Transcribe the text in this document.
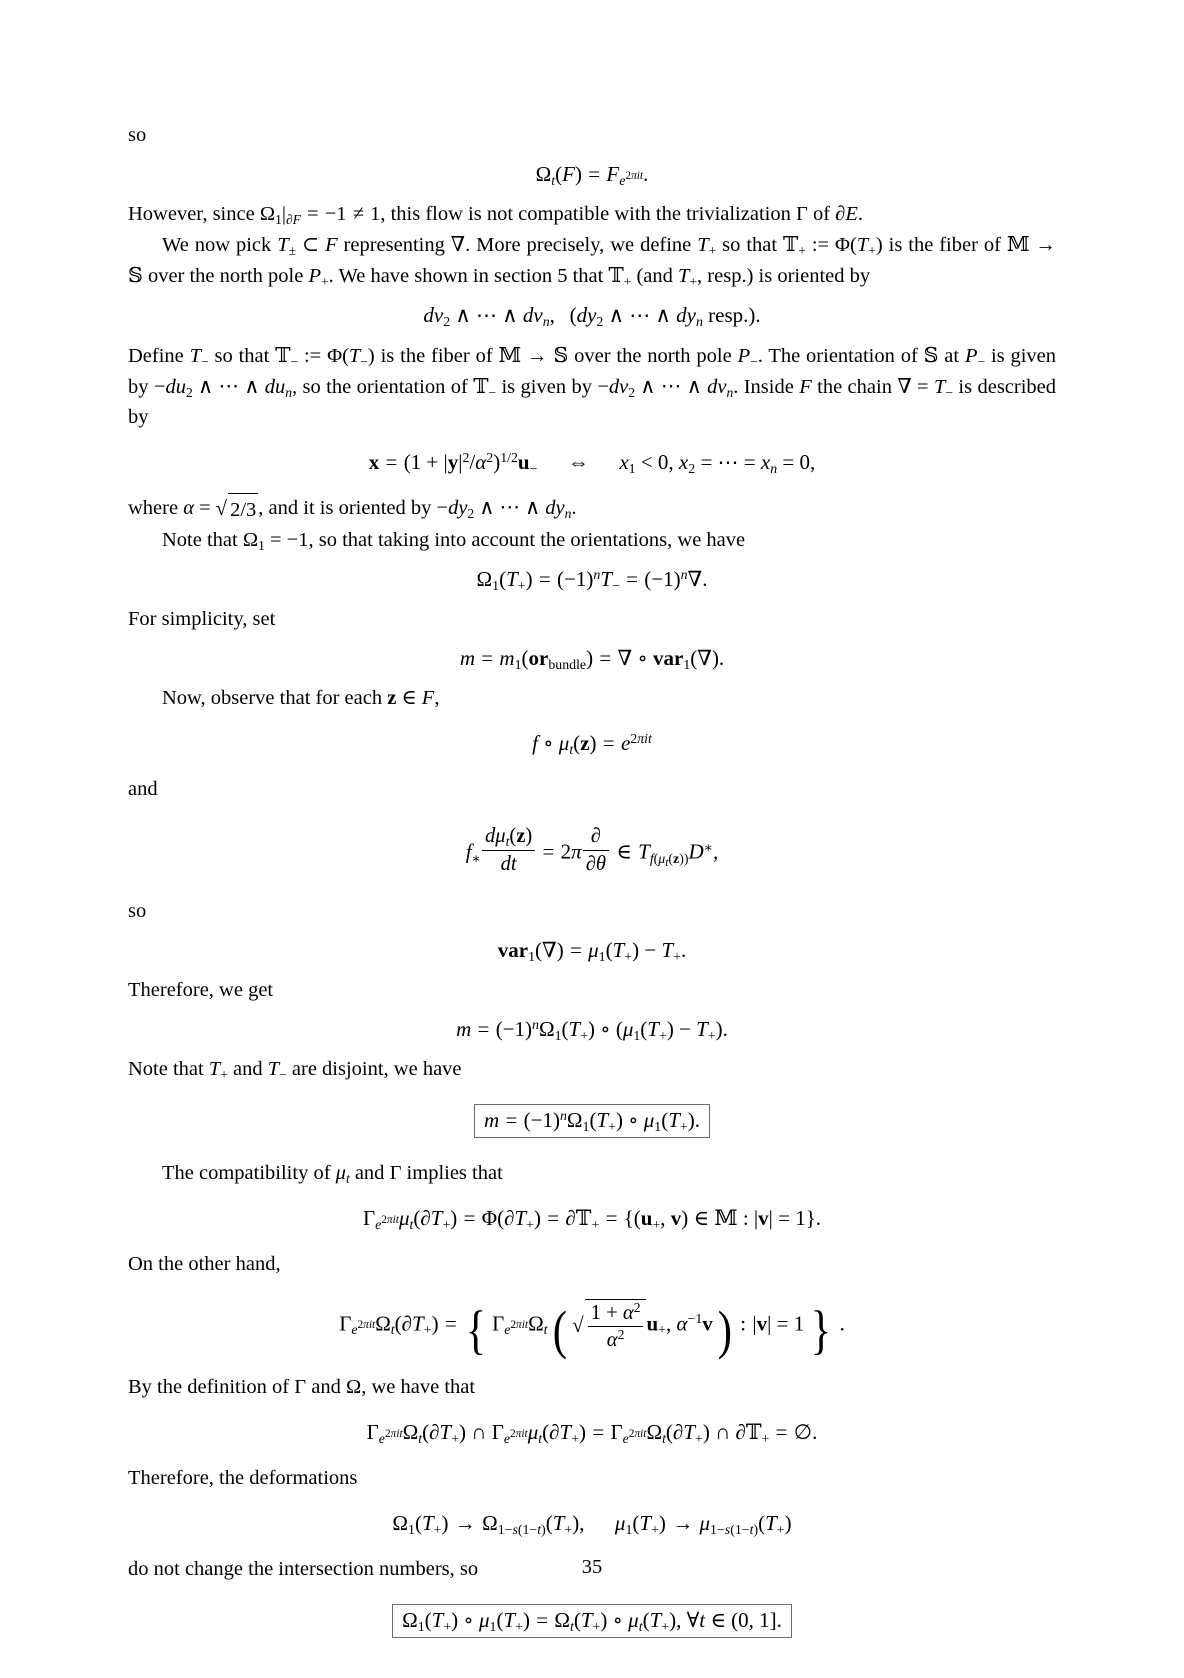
so

$\Omega_t(F) = F_{e^{2\pi it}}$.

However, since $\Omega_1|_{\partial F} = -1 \ne 1$, this flow is not compatible with the trivialization Γ of ∂E.

We now pick $T_\pm$ ⊂ F representing ∇. More precisely, we define $T_+$ so that 𝕋$_+$ := $\Phi(T_+)$ is the fiber of 𝕄 → 𝕊 over the north pole $P_+$. We have shown in section 5 that 𝕋$_+$ (and $T_+$, resp.) is oriented by

$dv_2$ ∧ ⋯ ∧ $dv_n$, ($dy_2$ ∧ ⋯ ∧ $dy_n$ resp.).

Define $T_-$ so that 𝕋$_-$ := $\Phi(T_-)$ is the fiber of 𝕄 → 𝕊 over the north pole $P_-$. The orientation of 𝕊 at $P_-$ is given by $-du_2$ ∧ ⋯ ∧ $du_n$, so the orientation of 𝕋$_-$ is given by $-dv_2$ ∧ ⋯ ∧ $dv_n$. Inside F the chain ∇ = $T_-$ is described by

$x = (1 + |y|^2/\alpha^2)^{1/2}u_-$ ⇔ $x_1 < 0$, $x_2$ = ⋯ = $x_n = 0$,

where α = √ 2/3, and it is oriented by $-dy_2$ ∧ ⋯ ∧ $dy_n$.

Note that $\Omega_1 = -1$, so that taking into account the orientations, we have

$\Omega_1(T_+) = (-1)^nT_- = (-1)^n\nabla$.

For simplicity, set

$m = m_1(or_{bundle})$ = ∇ ∘ var$_1$(∇).

Now, observe that for each z ∈ F,

f ∘ $\mu_t(z) = e^{2\pi it}$

and

$f_∗ \frac{d\mu_t(z)}{dt} = 2\pi \frac{\partial}{\partial\theta}$ ∈ $T_{f(\mu_t(z))}D^∗$,

so

$var_1(\nabla) = \mu_1(T_+) - T_+$.

Therefore, we get

$m = (-1)^n\Omega_1(T_+)$ ∘ $(\mu_1(T_+) - T_+)$.

Note that $T_+$ and $T_-$ are disjoint, we have

$m = (-1)^n\Omega_1(T_+)$ ∘ $\mu_1(T_+)$.

The compatibility of $\mu_t$ and Γ implies that

$\Gamma_{e^{2\pi it}}\mu_t(\partial T_+) = \Phi(\partial T_+)$ = ∂𝕋$_+$ = {($u_+$, v) ∈ 𝕄 : |v| = 1}.

On the other hand,

$\Gamma_{e^{2\pi it}}\Omega_t(\partial T_+)$ = { $\Gamma_{e^{2\pi it}}\Omega_t$( √ $\frac{1 + \alpha^2}{\alpha^2} u_+$, $\alpha^{-1}v$) : |v| = 1 } .

By the definition of Γ and Ω, we have that

$\Gamma_{e^{2\pi it}}\Omega_t(\partial T_+)$ ∩ $\Gamma_{e^{2\pi it}}\mu_t(\partial T_+) = \Gamma_{e^{2\pi it}}\Omega_t(\partial T_+)$ ∩ ∂𝕋$_+$ = ∅.

Therefore, the deformations

$\Omega_1(T_+) \to \Omega_{1-s(1-t)}(T_+)$, $\mu_1(T_+) \to \mu_{1-s(1-t)}(T_+)$

do not change the intersection numbers, so

$\Omega_1(T_+)$ ∘ $\mu_1(T_+) = \Omega_t(T_+)$ ∘ $\mu_t(T_+)$, ∀t ∈ (0, 1].
35
